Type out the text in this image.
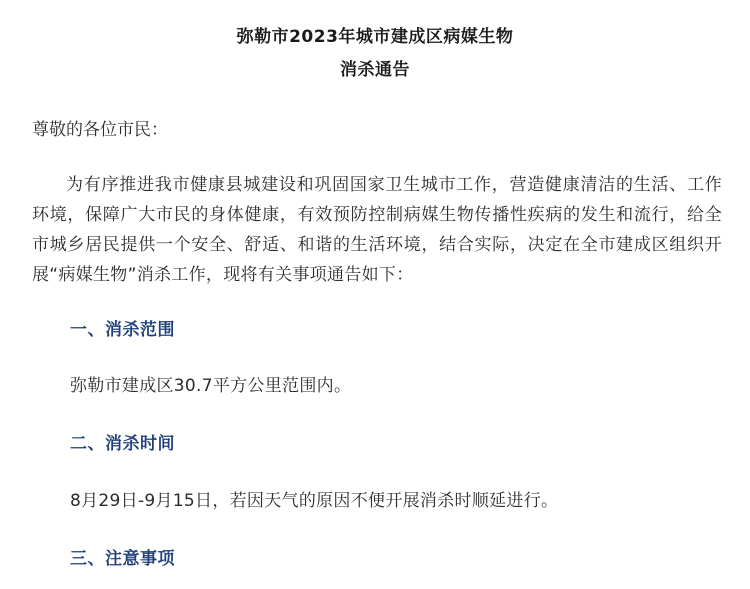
弥勒市2023年城市建成区病媒生物
消杀通告
尊敬的各位市民：
为有序推进我市健康县城建设和巩固国家卫生城市工作，营造健康清洁的生活、工作环境，保障广大市民的身体健康，有效预防控制病媒生物传播性疾病的发生和流行，给全市城乡居民提供一个安全、舒适、和谐的生活环境，结合实际，决定在全市建成区组织开展“病媒生物”消杀工作，现将有关事项通告如下：
一、消杀范围
弥勒市建成区30.7平方公里范围内。
二、消杀时间
8月29日-9月15日，若因天气的原因不便开展消杀时顺延进行。
三、注意事项
